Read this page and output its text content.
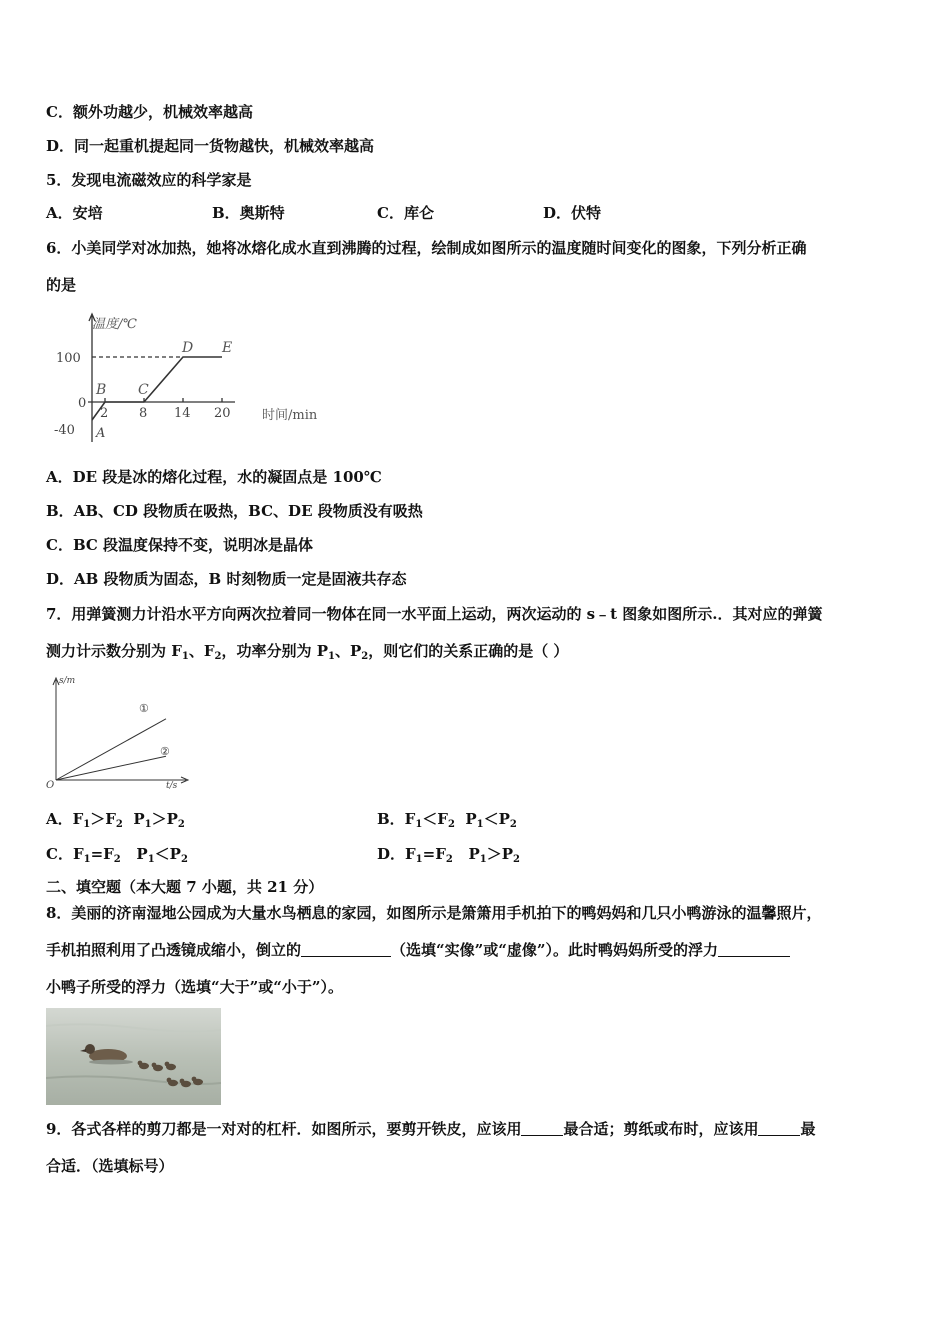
C．额外功越少，机械效率越高
D．同一起重机提起同一货物越快，机械效率越高
5．发现电流磁效应的科学家是
A．安培	B．奥斯特	C．库仑	D．伏特
6．小美同学对冰加热，她将冰熔化成水直到沸腾的过程，绘制成如图所示的温度随时间变化的图象，下列分析正确
的是
温度/℃
时间/min
100
0
-40
2 8 14 20
A
B C
D E
A．DE 段是冰的熔化过程，水的凝固点是 100℃
B．AB、CD 段物质在吸热，BC、DE 段物质没有吸热
C．BC 段温度保持不变，说明冰是晶体
D．AB 段物质为固态，B 时刻物质一定是固液共存态
7．用弹簧测力计沿水平方向两次拉着同一物体在同一水平面上运动，两次运动的 s﹣t 图象如图所示.．其对应的弹簧
测力计示数分别为 $F_1$、$F_2$，功率分别为 $P_1$、$P_2$，则它们的关系正确的是（ ）
s/m
t/s
O
①
②
A．$F_1>F_2$ $P_1>P_2$	B．$F_1<F_2$ $P_1<P_2$
C．$F_1=F_2$ $P_1<P_2$	D．$F_1=F_2$ $P_1>P_2$
二、填空题（本大题 7 小题，共 21 分）
8．美丽的济南湿地公园成为大量水鸟栖息的家园，如图所示是箫箫用手机拍下的鸭妈妈和几只小鸭游泳的温馨照片，
手机拍照利用了凸透镜成缩小，倒立的	（选填“实像”或“虚像”）。此时鸭妈妈所受的浮力
小鸭子所受的浮力（选填“大于”或“小于”）。
9．各式各样的剪刀都是一对对的杠杆．如图所示，要剪开铁皮，应该用	最合适；剪纸或布时，应该用	最
合适．（选填标号）
